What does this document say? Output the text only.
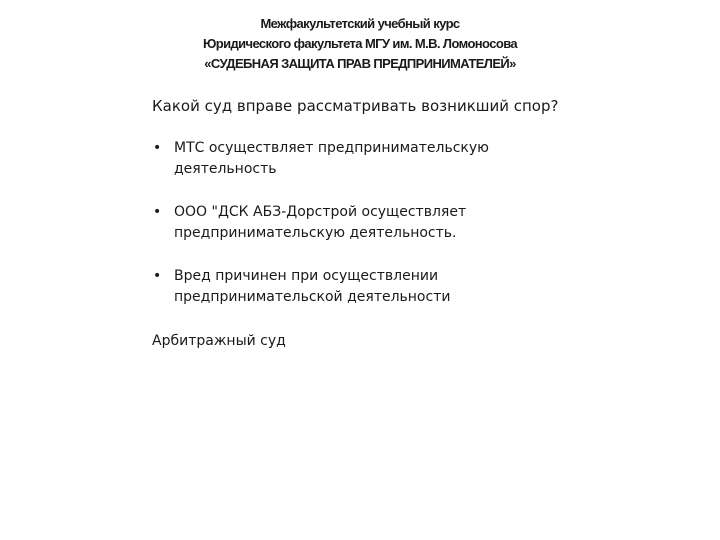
Межфакультетский учебный курс
Юридического факультета МГУ им. М.В. Ломоносова
«СУДЕБНАЯ ЗАЩИТА ПРАВ ПРЕДПРИНИМАТЕЛЕЙ»
Какой суд вправе рассматривать возникший спор?
• МТС осуществляет предпринимательскую деятельность
• ООО "ДСК АБЗ-Дорстрой осуществляет предпринимательскую деятельность.
• Вред причинен при осуществлении предпринимательской деятельности
Арбитражный суд
